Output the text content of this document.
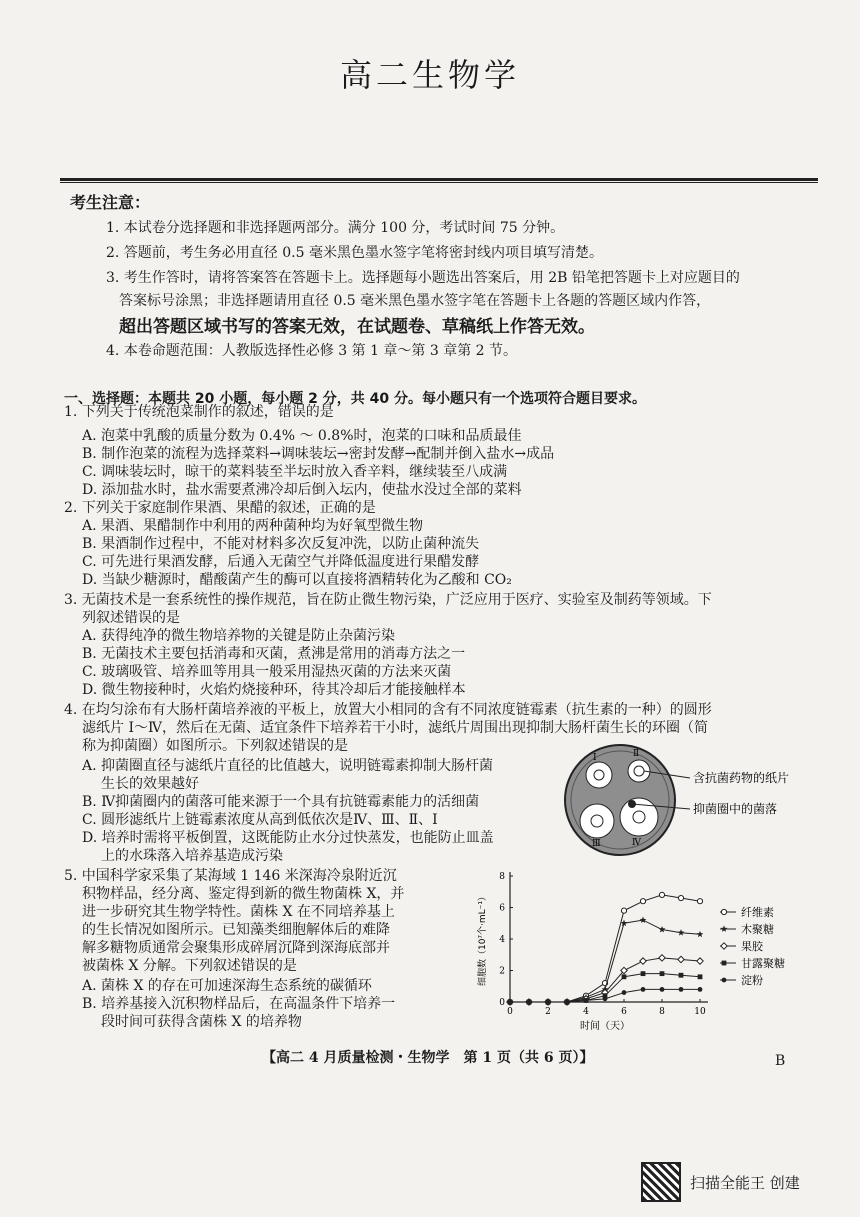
高二生物学
考生注意：
1. 本试卷分选择题和非选择题两部分。满分 100 分，考试时间 75 分钟。
2. 答题前，考生务必用直径 0.5 毫米黑色墨水签字笔将密封线内项目填写清楚。
3. 考生作答时，请将答案答在答题卡上。选择题每小题选出答案后，用 2B 铅笔把答题卡上对应题目的
答案标号涂黑；非选择题请用直径 0.5 毫米黑色墨水签字笔在答题卡上各题的答题区域内作答，
超出答题区域书写的答案无效，在试题卷、草稿纸上作答无效。
4. 本卷命题范围：人教版选择性必修 3 第 1 章～第 3 章第 2 节。
一、选择题：本题共 20 小题，每小题 2 分，共 40 分。每小题只有一个选项符合题目要求。
1. 下列关于传统泡菜制作的叙述，错误的是
A. 泡菜中乳酸的质量分数为 0.4% ～ 0.8%时，泡菜的口味和品质最佳
B. 制作泡菜的流程为选择菜料→调味装坛→密封发酵→配制并倒入盐水→成品
C. 调味装坛时，晾干的菜料装至半坛时放入香辛料，继续装至八成满
D. 添加盐水时，盐水需要煮沸冷却后倒入坛内，使盐水没过全部的菜料
2. 下列关于家庭制作果酒、果醋的叙述，正确的是
A. 果酒、果醋制作中利用的两种菌种均为好氧型微生物
B. 果酒制作过程中，不能对材料多次反复冲洗，以防止菌种流失
C. 可先进行果酒发酵，后通入无菌空气并降低温度进行果醋发酵
D. 当缺少糖源时，醋酸菌产生的酶可以直接将酒精转化为乙酸和 CO₂
3. 无菌技术是一套系统性的操作规范，旨在防止微生物污染，广泛应用于医疗、实验室及制药等领域。下
列叙述错误的是
A. 获得纯净的微生物培养物的关键是防止杂菌污染
B. 无菌技术主要包括消毒和灭菌，煮沸是常用的消毒方法之一
C. 玻璃吸管、培养皿等用具一般采用湿热灭菌的方法来灭菌
D. 微生物接种时，火焰灼烧接种环，待其冷却后才能接触样本
4. 在均匀涂布有大肠杆菌培养液的平板上，放置大小相同的含有不同浓度链霉素（抗生素的一种）的圆形
滤纸片 Ⅰ～Ⅳ，然后在无菌、适宜条件下培养若干小时，滤纸片周围出现抑制大肠杆菌生长的环圈（简
称为抑菌圈）如图所示。下列叙述错误的是
A. 抑菌圈直径与滤纸片直径的比值越大，说明链霉素抑制大肠杆菌
生长的效果越好
B. Ⅳ抑菌圈内的菌落可能来源于一个具有抗链霉素能力的活细菌
C. 圆形滤纸片上链霉素浓度从高到低依次是Ⅳ、Ⅲ、Ⅱ、Ⅰ
D. 培养时需将平板倒置，这既能防止水分过快蒸发，也能防止皿盖
上的水珠落入培养基造成污染
5. 中国科学家采集了某海域 1 146 米深海冷泉附近沉
积物样品，经分离、鉴定得到新的微生物菌株 X，并
进一步研究其生物学特性。菌株 X 在不同培养基上
的生长情况如图所示。已知藻类细胞解体后的难降
解多糖物质通常会聚集形成碎屑沉降到深海底部并
被菌株 X 分解。下列叙述错误的是
A. 菌株 X 的存在可加速深海生态系统的碳循环
B. 培养基接入沉积物样品后，在高温条件下培养一
段时间可获得含菌株 X 的培养物
Ⅰ	Ⅱ
Ⅲ	Ⅳ
含抗菌药物的纸片
抑菌圈中的菌落
0
2
4
6
8
0	2	4	6	8	10
时间（天）
细胞数（10⁷个·mL⁻¹）	纤维素
木聚糖
果胶
甘露聚糖
淀粉
【高二 4 月质量检测・生物学　第 1 页（共 6 页）】	B
扫描全能王 创建
